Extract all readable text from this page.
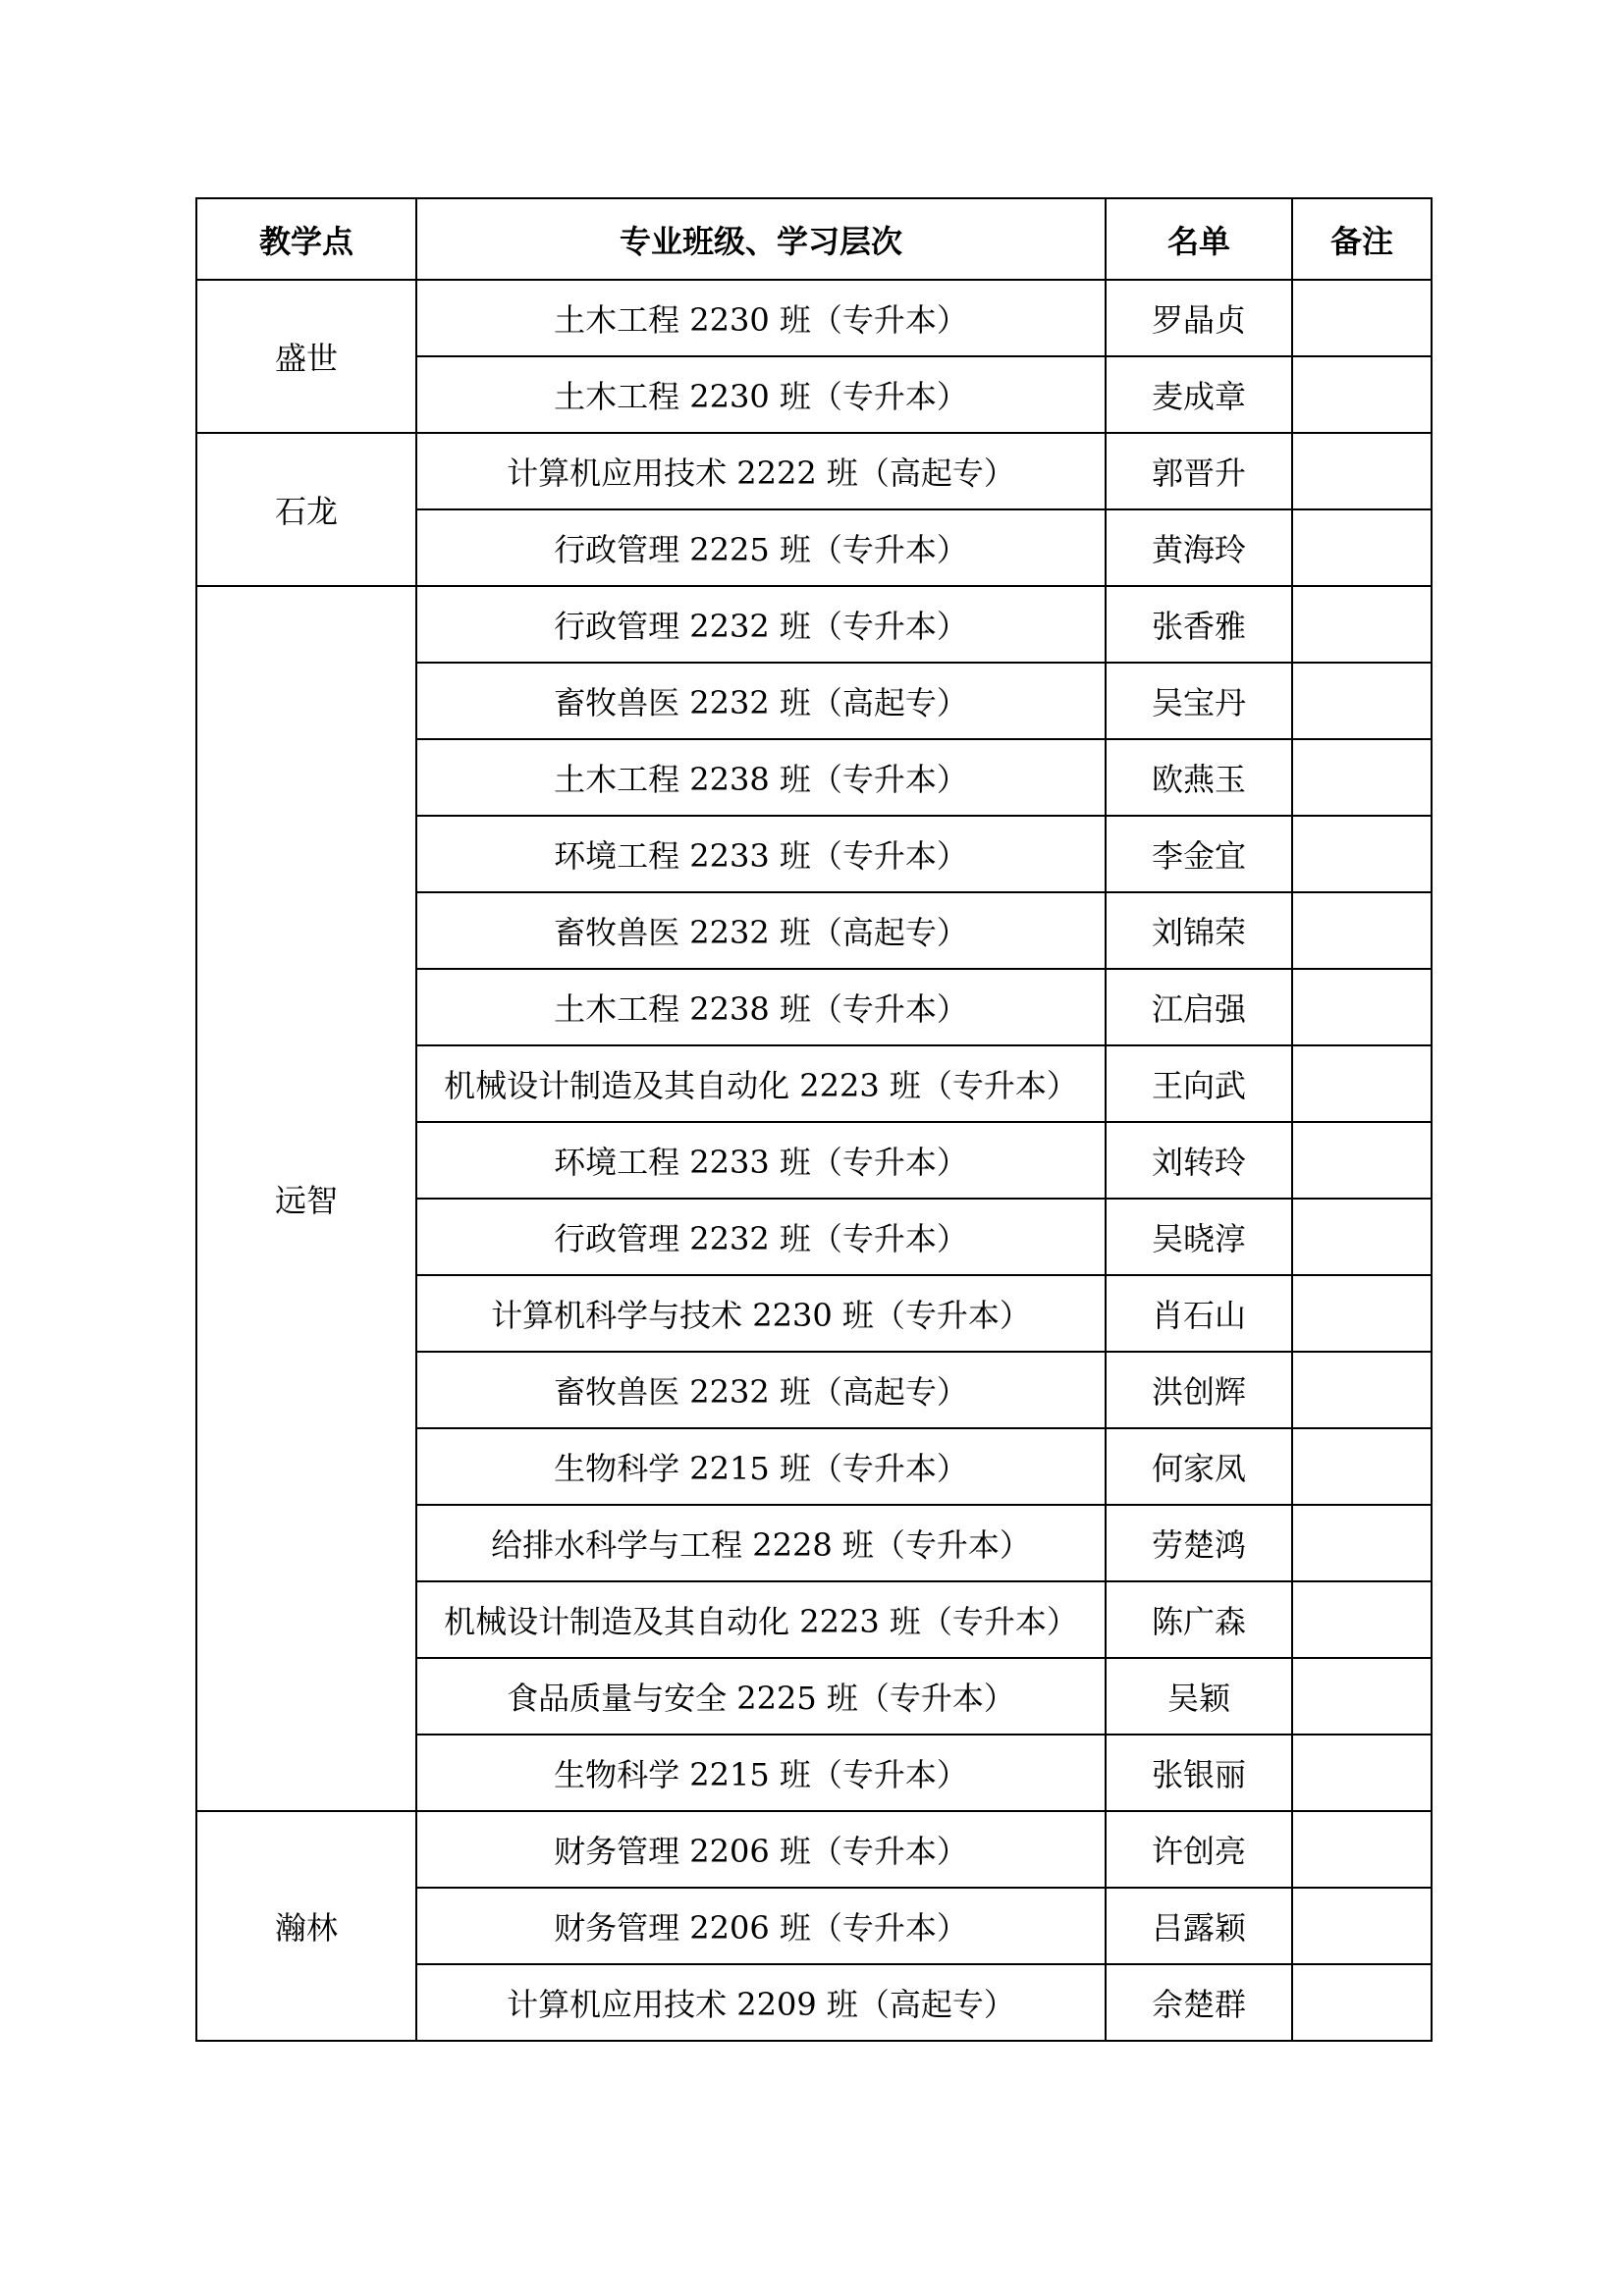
教学点	专业班级、学习层次	名单	备注
盛世	土木工程 2230 班（专升本）	罗晶贞	
	土木工程 2230 班（专升本）	麦成章	
石龙	计算机应用技术 2222 班（高起专）	郭晋升	
	行政管理 2225 班（专升本）	黄海玲	
远智	行政管理 2232 班（专升本）	张香雅	
	畜牧兽医 2232 班（高起专）	吴宝丹	
	土木工程 2238 班（专升本）	欧燕玉	
	环境工程 2233 班（专升本）	李金宜	
	畜牧兽医 2232 班（高起专）	刘锦荣	
	土木工程 2238 班（专升本）	江启强	
	机械设计制造及其自动化 2223 班（专升本）	王向武	
	环境工程 2233 班（专升本）	刘转玲	
	行政管理 2232 班（专升本）	吴晓淳	
	计算机科学与技术 2230 班（专升本）	肖石山	
	畜牧兽医 2232 班（高起专）	洪创辉	
	生物科学 2215 班（专升本）	何家凤	
	给排水科学与工程 2228 班（专升本）	劳楚鸿	
	机械设计制造及其自动化 2223 班（专升本）	陈广森	
	食品质量与安全 2225 班（专升本）	吴颖	
	生物科学 2215 班（专升本）	张银丽	
瀚林	财务管理 2206 班（专升本）	许创亮	
	财务管理 2206 班（专升本）	吕露颖	
	计算机应用技术 2209 班（高起专）	佘楚群	
